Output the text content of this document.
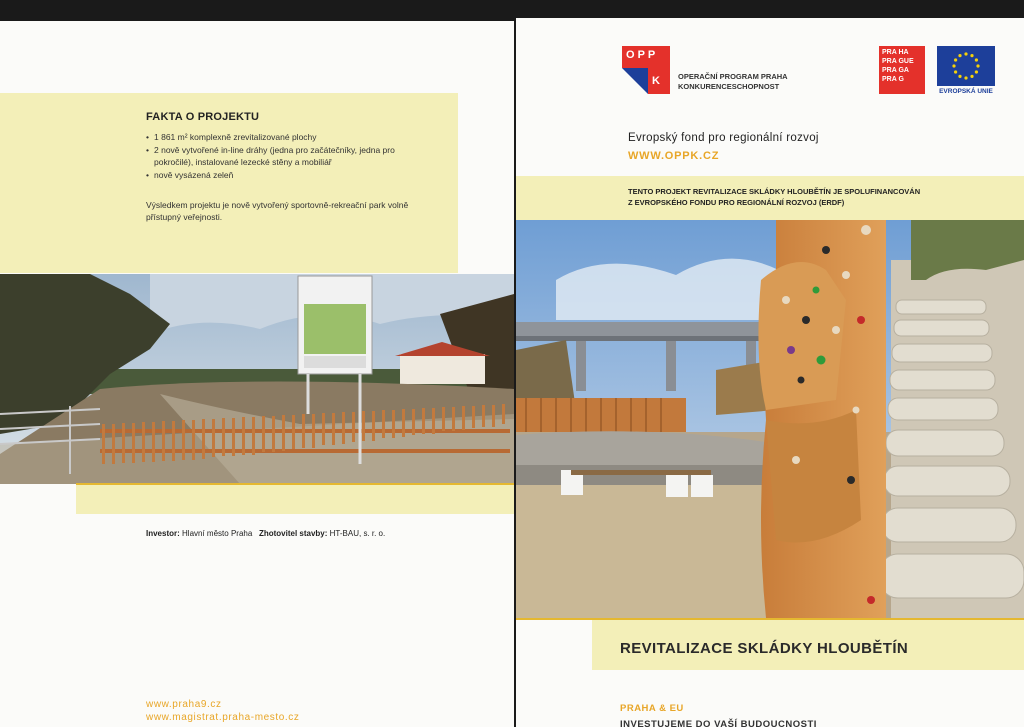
FAKTA O PROJEKTU
• 1 861 m² komplexně zrevitalizované plochy
• 2 nově vytvořené in-line dráhy (jedna pro začátečníky, jedna pro pokročilé), instalované lezecké stěny a mobiliář
• nově vysázená zeleň
Výsledkem projektu je nově vytvořený sportovně-rekreační park volně přístupný veřejnosti.
Investor: Hlavní město Praha Zhotovitel stavby: HT-BAU, s. r. o.
www.praha9.cz
www.magistrat.praha-mesto.cz
OPP
K OPERAČNÍ PROGRAM PRAHA
KONKURENCESCHOPNOST
PRA HA
PRA GUE
PRA GA
PRA G
EVROPSKÁ UNIE
Evropský fond pro regionální rozvoj
WWW.OPPK.CZ
TENTO PROJEKT REVITALIZACE SKLÁDKY HLOUBĚTÍN JE SPOLUFINANCOVÁN
Z EVROPSKÉHO FONDU PRO REGIONÁLNÍ ROZVOJ (ERDF)
REVITALIZACE SKLÁDKY HLOUBĚTÍN
PRAHA & EU
INVESTUJEME DO VAŠÍ BUDOUCNOSTI
